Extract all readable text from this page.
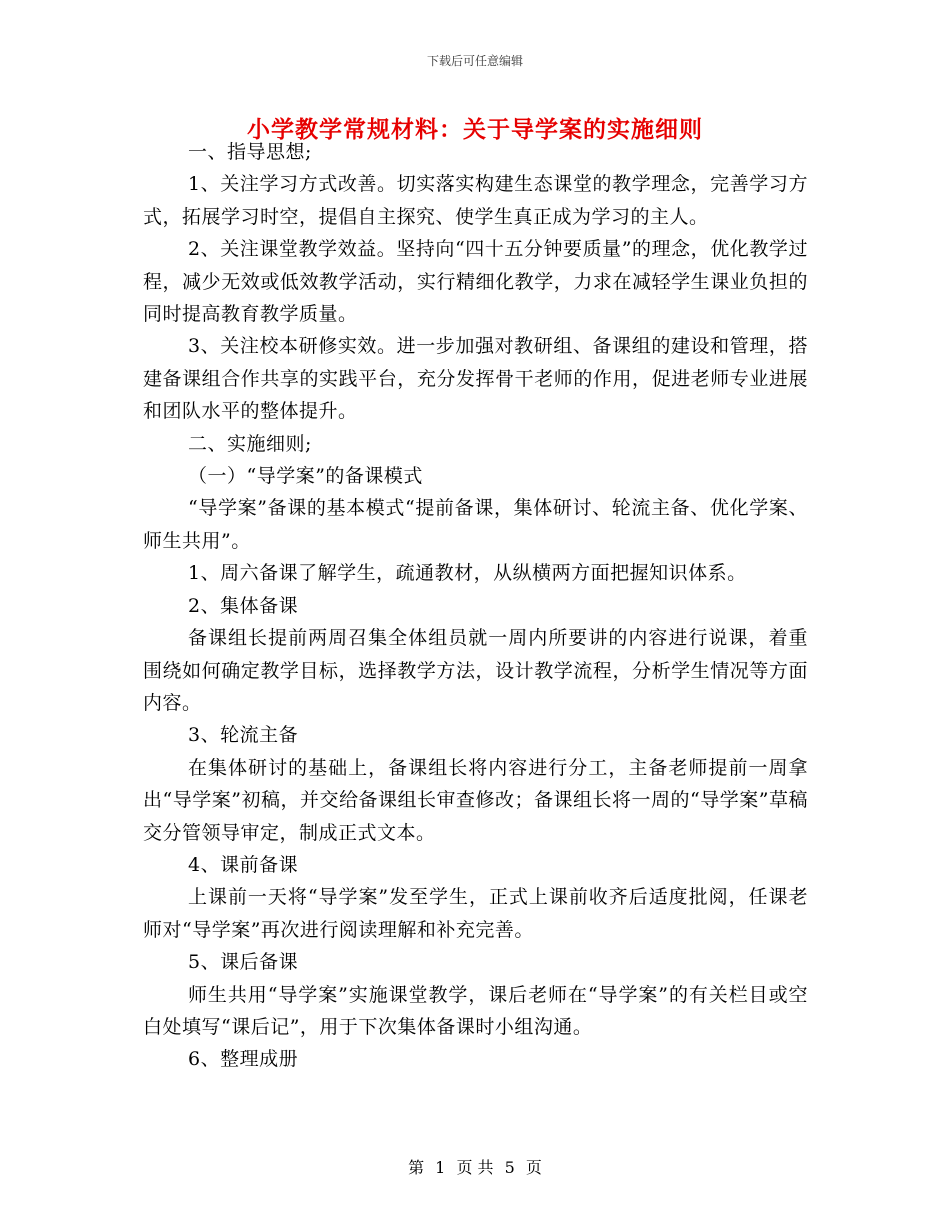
下载后可任意编辑
小学教学常规材料：关于导学案的实施细则

一、指导思想;

1、关注学习方式改善。切实落实构建生态课堂的教学理念，完善学习方式，拓展学习时空，提倡自主探究、使学生真正成为学习的主人。

2、关注课堂教学效益。坚持向“四十五分钟要质量”的理念，优化教学过程，减少无效或低效教学活动，实行精细化教学，力求在减轻学生课业负担的同时提高教育教学质量。

3、关注校本研修实效。进一步加强对教研组、备课组的建设和管理，搭建备课组合作共享的实践平台，充分发挥骨干老师的作用，促进老师专业进展和团队水平的整体提升。

二、实施细则;

（一）“导学案”的备课模式

“导学案”备课的基本模式“提前备课，集体研讨、轮流主备、优化学案、师生共用”。

1、周六备课了解学生，疏通教材，从纵横两方面把握知识体系。

2、集体备课

备课组长提前两周召集全体组员就一周内所要讲的内容进行说课，着重围绕如何确定教学目标，选择教学方法，设计教学流程，分析学生情况等方面内容。

3、轮流主备

在集体研讨的基础上，备课组长将内容进行分工，主备老师提前一周拿出“导学案”初稿，并交给备课组长审查修改；备课组长将一周的“导学案”草稿交分管领导审定，制成正式文本。

4、课前备课

上课前一天将“导学案”发至学生，正式上课前收齐后适度批阅，任课老师对“导学案”再次进行阅读理解和补充完善。

5、课后备课

师生共用“导学案”实施课堂教学，课后老师在“导学案”的有关栏目或空白处填写“课后记”，用于下次集体备课时小组沟通。

6、整理成册

第 1 页 共 5 页
